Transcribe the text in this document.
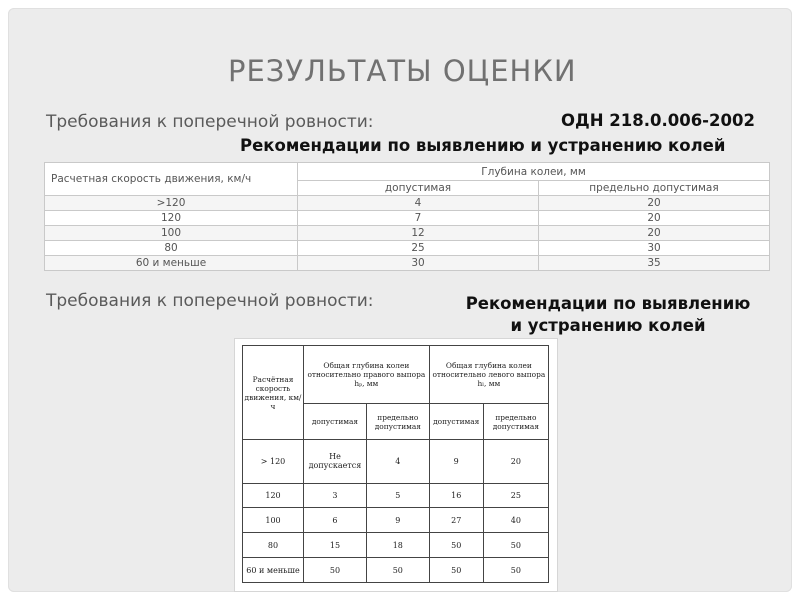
РЕЗУЛЬТАТЫ ОЦЕНКИ
Требования к поперечной ровности:	ОДН 218.0.006-2002
Рекомендации по выявлению и устранению колей
Расчетная скорость движения, км/ч	Глубина колеи, мм	
	допустимая	предельно допустимая
>120	4	20
120	7	20
100	12	20
80	25	30
60 и меньше	30	35
Требования к поперечной ровности:	Рекомендации по выявлению
и устранению колей
Расчётная скорость движения, км/ч	Общая глубина колеи относительно правого выпора hₚ, мм		Общая глубина колеи относительно левого выпора hₗ, мм	
	допустимая	предельно допустимая	допустимая	предельно допустимая
> 120	Не допускается	4	9	20
120	3	5	16	25
100	6	9	27	40
80	15	18	50	50
60 и меньше	50	50	50	50
